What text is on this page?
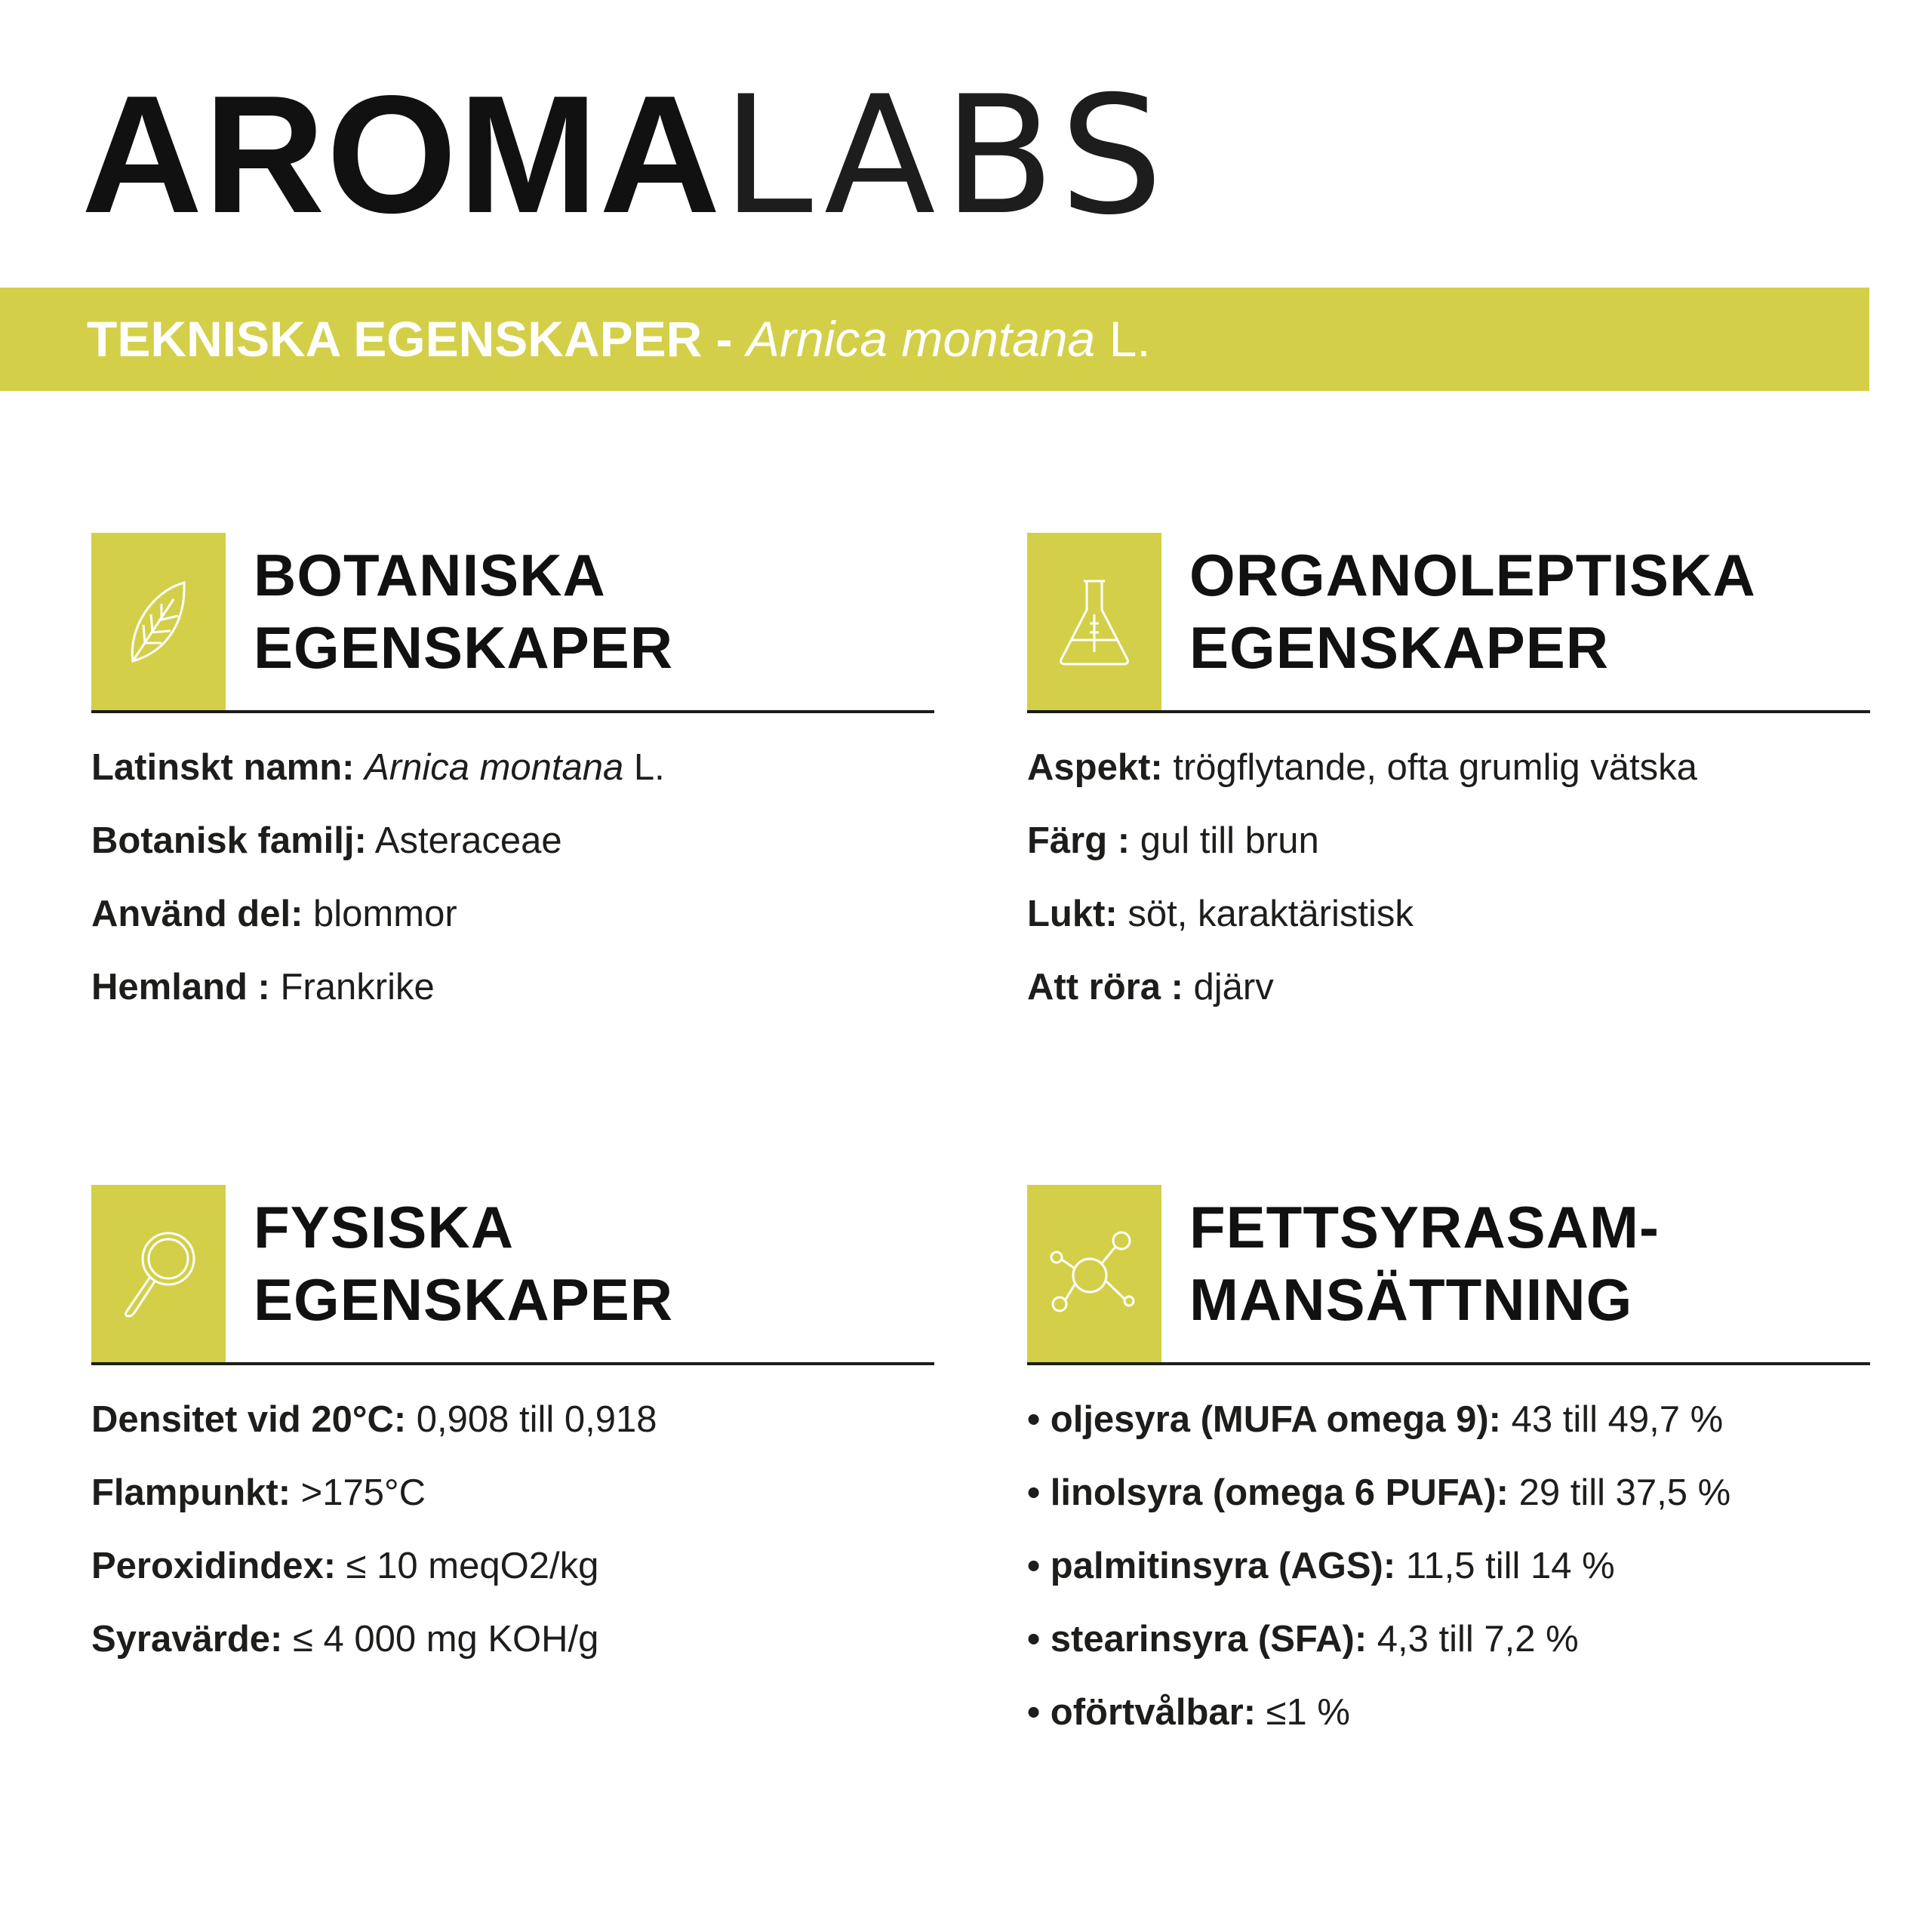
AROMALABS
TEKNISKA EGENSKAPER - Arnica montana L.
BOTANISKA
EGENSKAPER
Latinskt namn: Arnica montana L.
Botanisk familj: Asteraceae
Använd del: blommor
Hemland : Frankrike
ORGANOLEPTISKA
EGENSKAPER
Aspekt: trögflytande, ofta grumlig vätska
Färg : gul till brun
Lukt: söt, karaktäristisk
Att röra : djärv
FYSISKA
EGENSKAPER
Densitet vid 20°C: 0,908 till 0,918
Flampunkt: >175°C
Peroxidindex: ≤ 10 meqO2/kg
Syravärde: ≤ 4 000 mg KOH/g
FETTSYRASAM-
MANSÄTTNING
• oljesyra (MUFA omega 9): 43 till 49,7 %
• linolsyra (omega 6 PUFA): 29 till 37,5 %
• palmitinsyra (AGS): 11,5 till 14 %
• stearinsyra (SFA): 4,3 till 7,2 %
• oförtvålbar: ≤1 %
